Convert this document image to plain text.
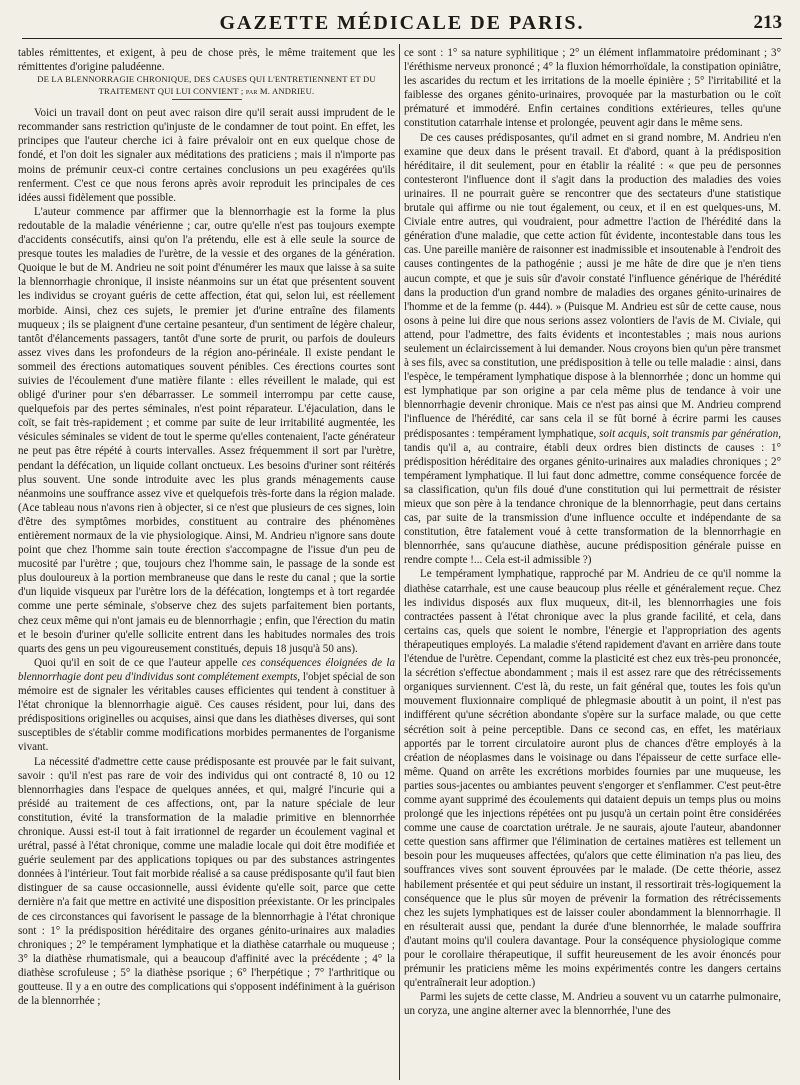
GAZETTE MÉDICALE DE PARIS.	213

tables rémittentes, et exigent, à peu de chose près, le même traitement que les rémittentes d'origine paludéenne.

DE LA BLENNORRAGIE CHRONIQUE, DES CAUSES QUI L'ENTRETIENNENT ET DU TRAITEMENT QUI LUI CONVIENT ; par M. ANDRIEU.

Voici un travail dont on peut avec raison dire qu'il serait aussi imprudent de le recommander sans restriction qu'injuste de le condamner de tout point. En effet, les principes que l'auteur cherche ici à faire prévaloir ont en eux quelque chose de fondé, et l'on doit les signaler aux méditations des praticiens ; mais il n'importe pas moins de prémunir ceux-ci contre certaines conclusions un peu exagérées qu'ils renferment. C'est ce que nous ferons après avoir reproduit les principales de ces idées aussi fidèlement que possible.

L'auteur commence par affirmer que la blennorrhagie est la forme la plus redoutable de la maladie vénérienne ; car, outre qu'elle n'est pas toujours exempte d'accidents consécutifs, ainsi qu'on l'a prétendu, elle est à elle seule la source de presque toutes les maladies de l'urètre, de la vessie et des organes de la génération. Quoique le but de M. Andrieu ne soit point d'énumérer les maux que laisse à sa suite la blennorrhagie chronique, il insiste néanmoins sur un état que présentent souvent les individus se croyant guéris de cette affection, état qui, selon lui, est réellement morbide. Ainsi, chez ces sujets, le premier jet d'urine entraîne des filaments muqueux ; ils se plaignent d'une certaine pesanteur, d'un sentiment de légère chaleur, tantôt d'élancements passagers, tantôt d'une sorte de prurit, ou parfois de douleurs assez vives dans les profondeurs de la région ano-périnéale. Il existe pendant le sommeil des érections automatiques souvent pénibles. Ces érections courtes sont suivies de l'écoulement d'une matière filante : elles réveillent le malade, qui est obligé d'uriner pour s'en débarrasser. Le sommeil interrompu par cette cause, quelquefois par des pertes séminales, n'est point réparateur. L'éjaculation, dans le coït, se fait très-rapidement ; et comme par suite de leur irritabilité augmentée, les vésicules séminales se vident de tout le sperme qu'elles contenaient, l'acte générateur ne peut pas être répété à courts intervalles. Assez fréquemment il sort par l'urètre, pendant la défécation, un liquide collant onctueux. Les besoins d'uriner sont réitérés plus souvent. Une sonde introduite avec les plus grands ménagements cause néanmoins une souffrance assez vive et quelquefois très-forte dans la région malade. (Ace tableau nous n'avons rien à objecter, si ce n'est que plusieurs de ces signes, loin d'être des symptômes morbides, constituent au contraire des phénomènes entièrement normaux de la vie physiologique. Ainsi, M. Andrieu n'ignore sans doute point que chez l'homme sain toute érection s'accompagne de l'issue d'un peu de mucosité par l'urètre ; que, toujours chez l'homme sain, le passage de la sonde est plus douloureux à la portion membraneuse que dans le reste du canal ; que la sortie d'un liquide visqueux par l'urètre lors de la défécation, longtemps et à tort regardée comme une perte séminale, s'observe chez des sujets parfaitement bien portants, chez ceux même qui n'ont jamais eu de blennorrhagie ; enfin, que l'érection du matin et le besoin d'uriner qu'elle sollicite entrent dans les habitudes normales des trois quarts des gens un peu vigoureusement constitués, depuis 18 jusqu'à 50 ans).

Quoi qu'il en soit de ce que l'auteur appelle ces conséquences éloignées de la blennorrhagie dont peu d'individus sont complétement exempts, l'objet spécial de son mémoire est de signaler les véritables causes efficientes qui tendent à constituer à l'état chronique la blennorrhagie aiguë. Ces causes résident, pour lui, dans des prédispositions originelles ou acquises, ainsi que dans les diathèses diverses, qui sont susceptibles de s'établir comme modifications morbides permanentes de l'organisme vivant.

La nécessité d'admettre cette cause prédisposante est prouvée par le fait suivant, savoir : qu'il n'est pas rare de voir des individus qui ont contracté 8, 10 ou 12 blennorrhagies dans l'espace de quelques années, et qui, malgré l'incurie qui a présidé au traitement de ces affections, ont, par la nature spéciale de leur constitution, évité la transformation de la maladie primitive en blennorrhée chronique. Aussi est-il tout à fait irrationnel de regarder un écoulement vaginal et urétral, passé à l'état chronique, comme une maladie locale qui doit être modifiée et guérie seulement par des applications topiques ou par des substances astringentes données à l'intérieur. Tout fait morbide réalisé a sa cause prédisposante qu'il faut bien distinguer de sa cause occasionnelle, aussi évidente qu'elle soit, parce que cette dernière n'a fait que mettre en activité une disposition préexistante. Or les principales de ces circonstances qui favorisent le passage de la blennorrhagie à l'état chronique sont : 1° la prédisposition héréditaire des organes génito-urinaires aux maladies chroniques ; 2° le tempérament lymphatique et la diathèse catarrhale ou muqueuse ; 3° la diathèse rhumatismale, qui a beaucoup d'affinité avec la précédente ; 4° la diathèse scrofuleuse ; 5° la diathèse psorique ; 6° l'herpétique ; 7° l'arthritique ou goutteuse. Il y a en outre des complications qui s'opposent indéfiniment à la guérison de la blennorrhée ;

ce sont : 1° sa nature syphilitique ; 2° un élément inflammatoire prédominant ; 3° l'éréthisme nerveux prononcé ; 4° la fluxion hémorrhoïdale, la constipation opiniâtre, les ascarides du rectum et les irritations de la moelle épinière ; 5° l'irritabilité et la faiblesse des organes génito-urinaires, provoquée par la masturbation ou le coït prématuré et immodéré. Enfin certaines conditions extérieures, telles qu'une constitution catarrhale intense et prolongée, peuvent agir dans le même sens.

De ces causes prédisposantes, qu'il admet en si grand nombre, M. Andrieu n'en examine que deux dans le présent travail. Et d'abord, quant à la prédisposition héréditaire, il dit seulement, pour en établir la réalité : « que peu de personnes contesteront l'influence dont il s'agit dans la production des maladies des voies urinaires. Il ne pourrait guère se rencontrer que des sectateurs d'une statistique brutale qui affirme ou nie tout également, ou ceux, et il en est quelques-uns, M. Civiale entre autres, qui voudraient, pour admettre l'action de l'hérédité dans la génération d'une maladie, que cette action fût évidente, incontestable dans tous les cas. Une pareille manière de raisonner est inadmissible et insoutenable à l'endroit des causes contingentes de la pathogénie ; aussi je me hâte de dire que je n'en tiens aucun compte, et que je suis sûr d'avoir constaté l'influence générique de l'hérédité dans la production d'un grand nombre de maladies des organes génito-urinaires de l'homme et de la femme (p. 444). » (Puisque M. Andrieu est sûr de cette cause, nous osons à peine lui dire que nous serions assez volontiers de l'avis de M. Civiale, qui attend, pour l'admettre, des faits évidents et incontestables ; mais nous aurions seulement un éclaircissement à lui demander. Nous croyons bien qu'un père transmet à ses fils, avec sa constitution, une prédisposition à telle ou telle maladie : ainsi, dans l'espèce, le tempérament lymphatique dispose à la blennorrhée ; donc un homme qui est lymphatique par son origine a par cela même plus de tendance à voir une blennorrhagie devenir chronique. Mais ce n'est pas ainsi que M. Andrieu comprend l'influence de l'hérédité, car sans cela il se fût borné à écrire parmi les causes prédisposantes : tempérament lymphatique, soit acquis, soit transmis par génération, tandis qu'il a, au contraire, établi deux ordres bien distincts de causes : 1° prédisposition héréditaire des organes génito-urinaires aux maladies chroniques ; 2° tempérament lymphatique. Il lui faut donc admettre, comme conséquence forcée de sa classification, qu'un fils doué d'une constitution qui lui permettrait de résister mieux que son père à la tendance chronique de la blennorrhagie, peut dans certains cas, par suite de la transmission d'une influence occulte et indépendante de sa constitution, être fatalement voué à cette transformation de la blennorrhagie en blennorrhée, sans qu'aucune diathèse, aucune prédisposition générale puisse en rendre compte !... Cela est-il admissible ?)

Le tempérament lymphatique, rapproché par M. Andrieu de ce qu'il nomme la diathèse catarrhale, est une cause beaucoup plus réelle et généralement reçue. Chez les individus disposés aux flux muqueux, dit-il, les blennorrhagies une fois contractées passent à l'état chronique avec la plus grande facilité, et cela, dans certains cas, quels que soient le nombre, l'énergie et l'appropriation des agents thérapeutiques employés. La maladie s'étend rapidement d'avant en arrière dans toute l'étendue de l'urètre. Cependant, comme la plasticité est chez eux très-peu prononcée, la sécrétion s'effectue abondamment ; mais il est assez rare que des rétrécissements organiques surviennent. C'est là, du reste, un fait général que, toutes les fois qu'un mouvement fluxionnaire compliqué de phlegmasie aboutit à un point, il n'est pas indifférent qu'une sécrétion abondante s'opère sur la surface malade, ou que cette sécrétion soit à peine perceptible. Dans ce second cas, en effet, les matériaux apportés par le torrent circulatoire auront plus de chances d'être employés à la création de néoplasmes dans le voisinage ou dans l'épaisseur de cette surface elle-même. Quand on arrête les excrétions morbides fournies par une muqueuse, les parties sous-jacentes ou ambiantes peuvent s'engorger et s'enflammer. C'est peut-être comme ayant supprimé des écoulements qui dataient depuis un temps plus ou moins prolongé que les injections répétées ont pu jusqu'à un certain point être considérées comme une cause de coarctation urétrale. Je ne saurais, ajoute l'auteur, abandonner cette question sans affirmer que l'élimination de certaines matières est tellement un besoin pour les muqueuses affectées, qu'alors que cette élimination n'a pas lieu, des souffrances vives sont souvent éprouvées par le malade. (De cette théorie, assez habilement présentée et qui peut séduire un instant, il ressortirait très-logiquement la conséquence que le plus sûr moyen de prévenir la formation des rétrécissements chez les sujets lymphatiques est de laisser couler abondamment la blennorrhagie. Il en résulterait aussi que, pendant la durée d'une blennorrhée, le malade souffrira d'autant moins qu'il coulera davantage. Pour la conséquence physiologique comme pour le corollaire thérapeutique, il suffit heureusement de les avoir énoncés pour prémunir les praticiens même les moins expérimentés contre les dangers certains qu'entraînerait leur adoption.)

Parmi les sujets de cette classe, M. Andrieu a souvent vu un catarrhe pulmonaire, un coryza, une angine alterner avec la blennorrhée, l'une des
